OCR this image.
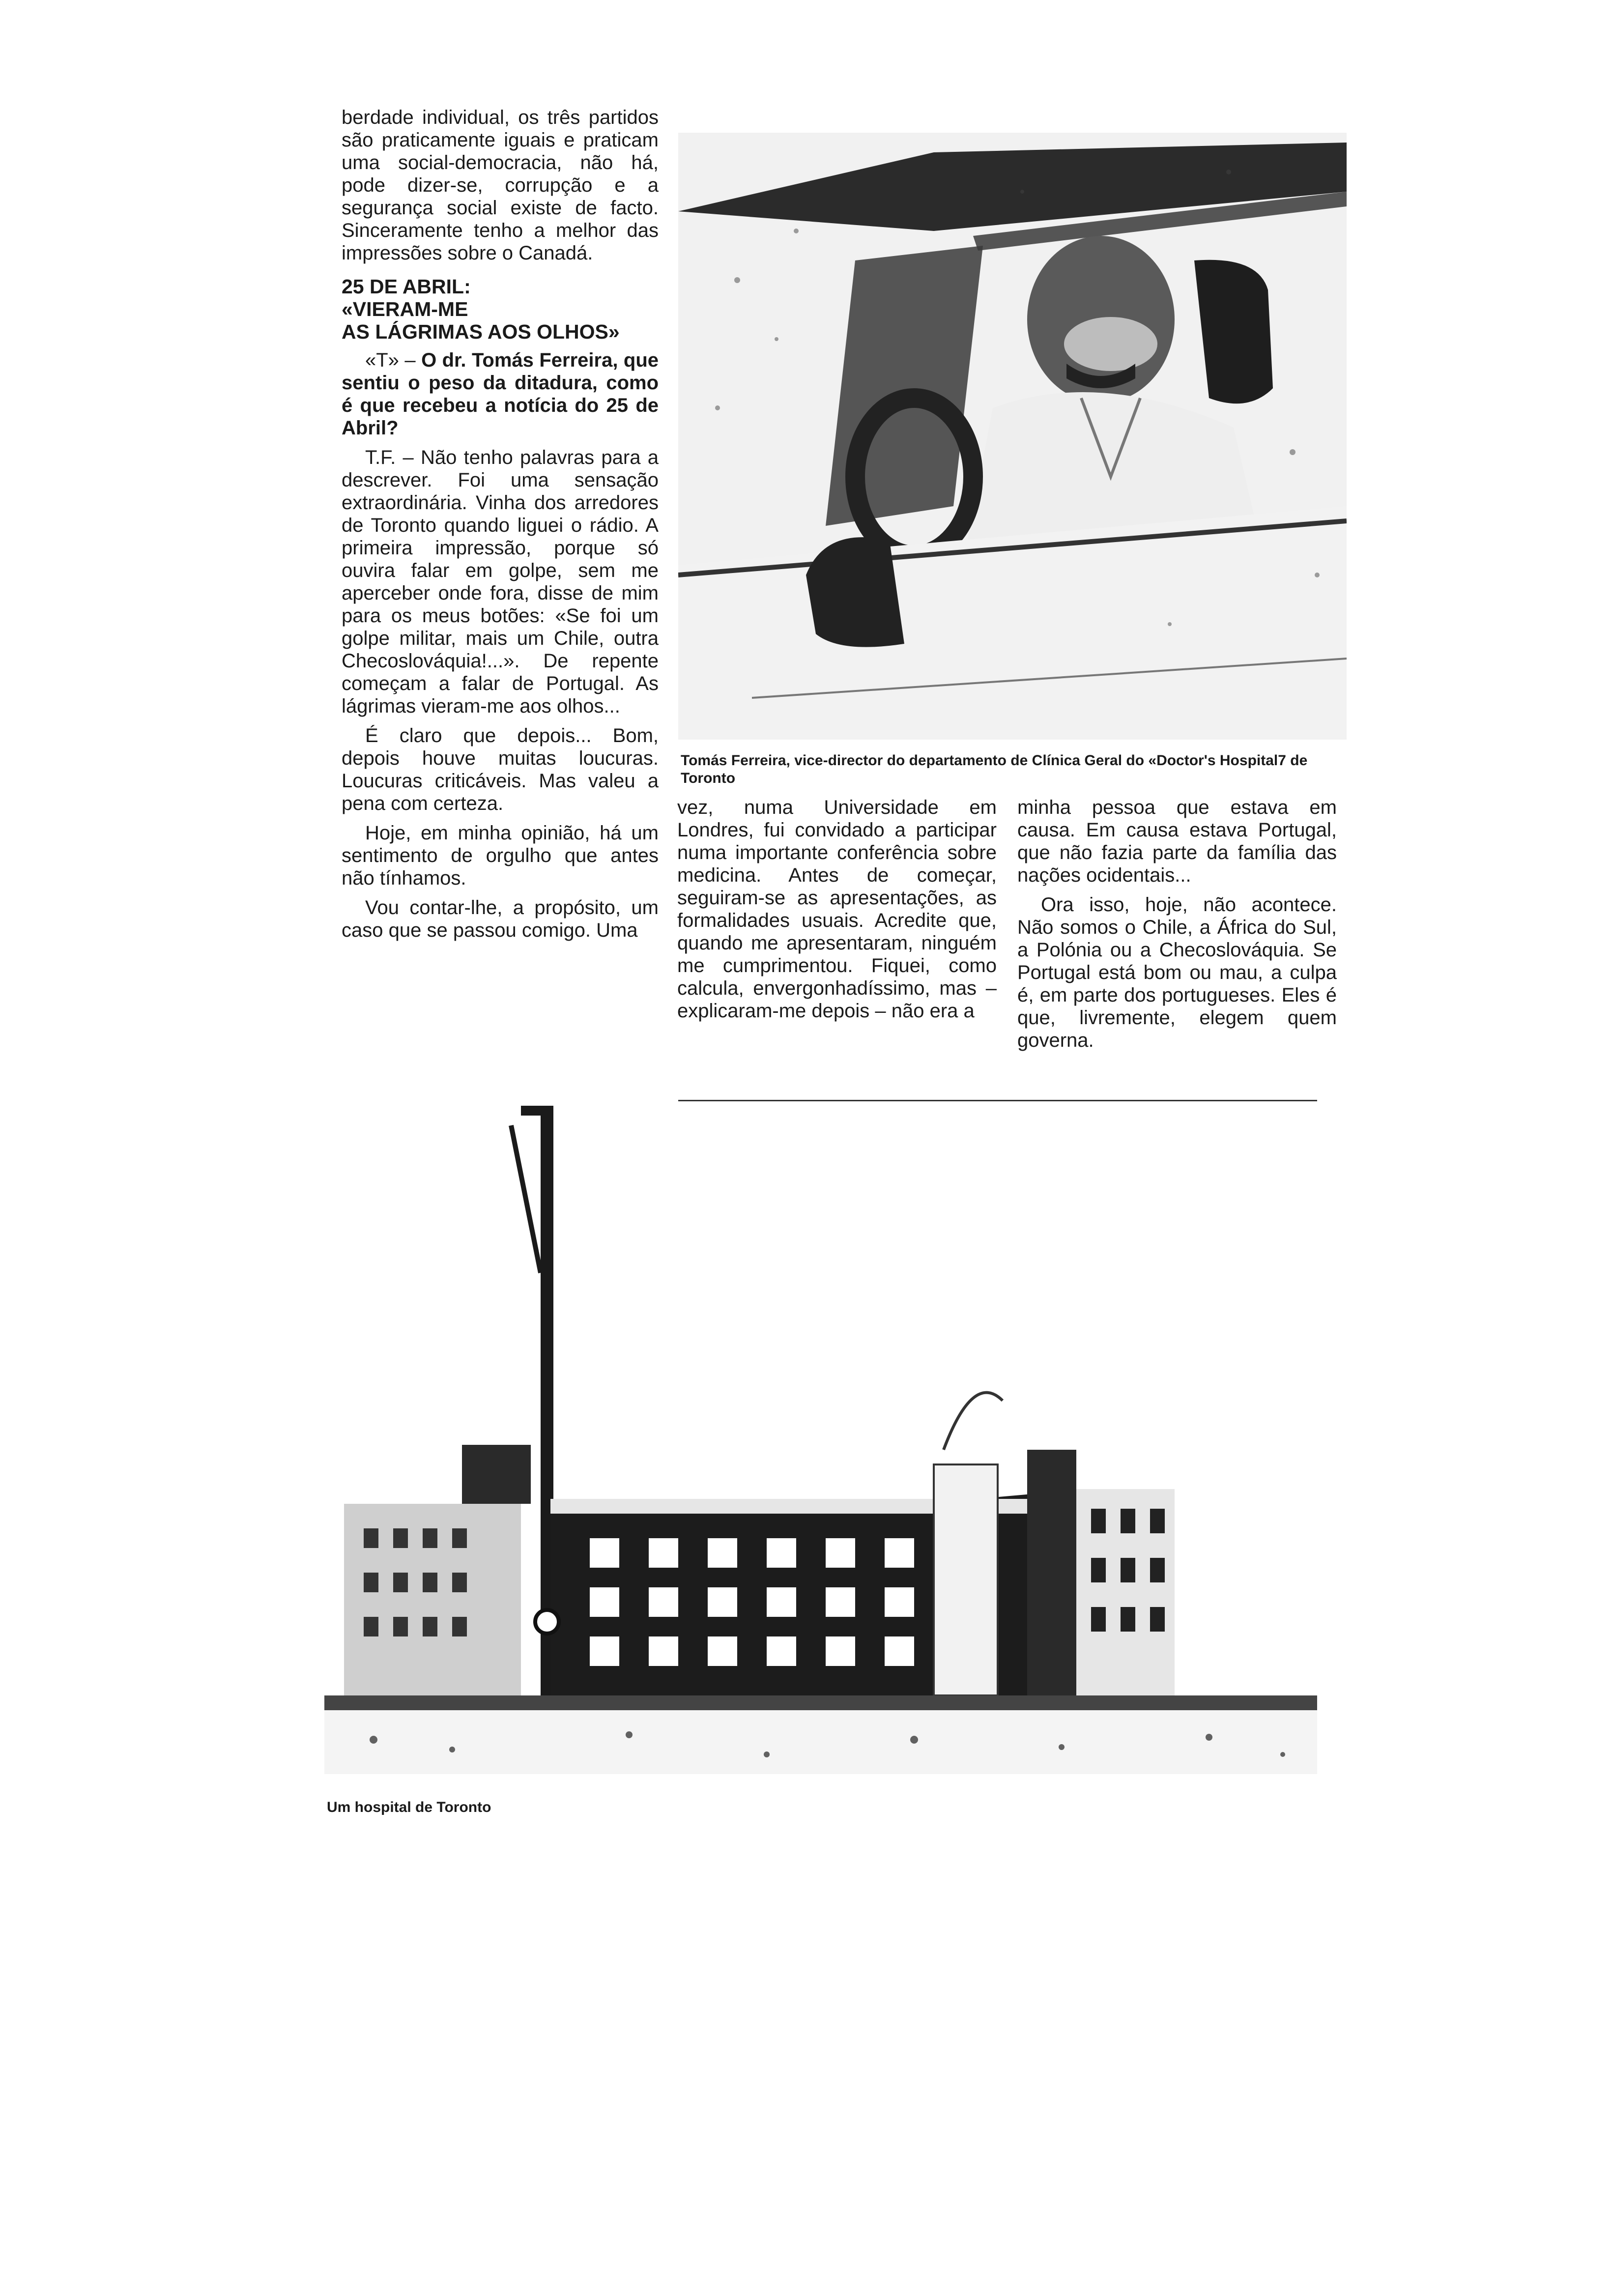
berdade individual, os três partidos são praticamente iguais e praticam uma social-democracia, não há, pode dizer-se, corrupção e a segurança social existe de facto. Sinceramente tenho a melhor das impressões sobre o Canadá.

25 DE ABRIL:
«VIERAM-ME
AS LÁGRIMAS AOS OLHOS»

«T» – O dr. Tomás Ferreira, que sentiu o peso da ditadura, como é que recebeu a notícia do 25 de Abril?

T.F. – Não tenho palavras para a descrever. Foi uma sensação extraordinária. Vinha dos arredores de Toronto quando liguei o rádio. A primeira impressão, porque só ouvira falar em golpe, sem me aperceber onde fora, disse de mim para os meus botões: «Se foi um golpe militar, mais um Chile, outra Checoslováquia!...». De repente começam a falar de Portugal. As lágrimas vieram-me aos olhos...

É claro que depois... Bom, depois houve muitas loucuras. Loucuras criticáveis. Mas valeu a pena com certeza.

Hoje, em minha opinião, há um sentimento de orgulho que antes não tínhamos.

Vou contar-lhe, a propósito, um caso que se passou comigo. Uma

Tomás Ferreira, vice-director do departamento de Clínica Geral do «Doctor's Hospital7 de Toronto

vez, numa Universidade em Londres, fui convidado a participar numa importante conferência sobre medicina. Antes de começar, seguiram-se as apresentações, as formalidades usuais. Acredite que, quando me apresentaram, ninguém me cumprimentou. Fiquei, como calcula, envergonhadíssimo, mas – explicaram-me depois – não era a

minha pessoa que estava em causa. Em causa estava Portugal, que não fazia parte da família das nações ocidentais...

Ora isso, hoje, não acontece. Não somos o Chile, a África do Sul, a Polónia ou a Checoslováquia. Se Portugal está bom ou mau, a culpa é, em parte dos portugueses. Eles é que, livremente, elegem quem governa.

Um hospital de Toronto
